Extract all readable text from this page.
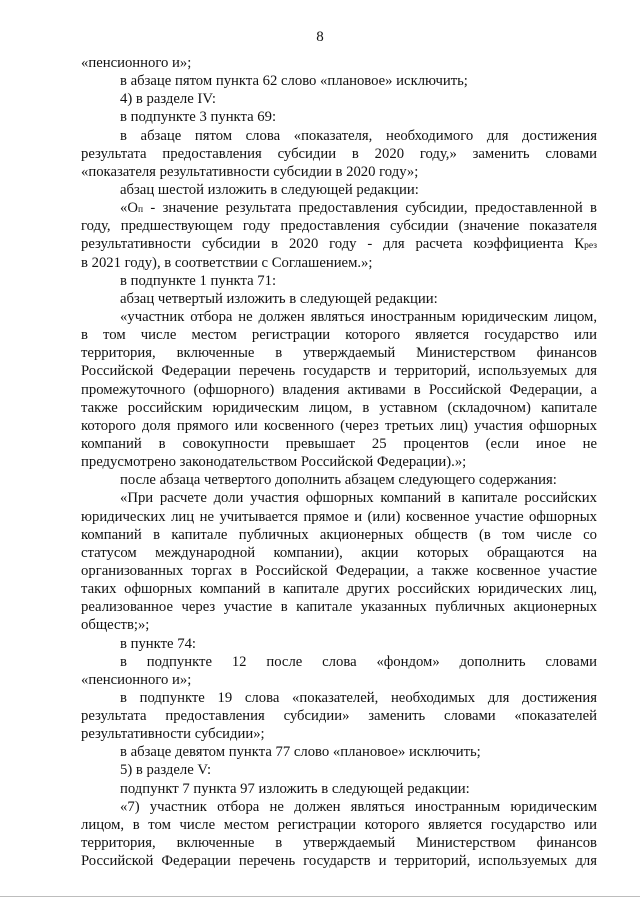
8
«пенсионного и»;
в абзаце пятом пункта 62 слово «плановое» исключить;
4) в разделе IV:
в подпункте 3 пункта 69:
в абзаце пятом слова «показателя, необходимого для достижения
результата предоставления субсидии в 2020 году,» заменить словами
«показателя результативности субсидии в 2020 году»;
абзац шестой изложить в следующей редакции:
«Оп - значение результата предоставления субсидии, предоставленной в
году, предшествующем году предоставления субсидии (значение показателя
результативности субсидии в 2020 году - для расчета коэффициента Крез
в 2021 году), в соответствии с Соглашением.»;
в подпункте 1 пункта 71:
абзац четвертый изложить в следующей редакции:
«участник отбора не должен являться иностранным юридическим лицом,
в том числе местом регистрации которого является государство или
территория, включенные в утверждаемый Министерством финансов
Российской Федерации перечень государств и территорий, используемых для
промежуточного (офшорного) владения активами в Российской Федерации, а
также российским юридическим лицом, в уставном (складочном) капитале
которого доля прямого или косвенного (через третьих лиц) участия офшорных
компаний в совокупности превышает 25 процентов (если иное не
предусмотрено законодательством Российской Федерации).»;
после абзаца четвертого дополнить абзацем следующего содержания:
«При расчете доли участия офшорных компаний в капитале российских
юридических лиц не учитывается прямое и (или) косвенное участие офшорных
компаний в капитале публичных акционерных обществ (в том числе со
статусом международной компании), акции которых обращаются на
организованных торгах в Российской Федерации, а также косвенное участие
таких офшорных компаний в капитале других российских юридических лиц,
реализованное через участие в капитале указанных публичных акционерных
обществ;»;
в пункте 74:
в подпункте 12 после слова «фондом» дополнить словами
«пенсионного и»;
в подпункте 19 слова «показателей, необходимых для достижения
результата предоставления субсидии» заменить словами «показателей
результативности субсидии»;
в абзаце девятом пункта 77 слово «плановое» исключить;
5) в разделе V:
подпункт 7 пункта 97 изложить в следующей редакции:
«7) участник отбора не должен являться иностранным юридическим
лицом, в том числе местом регистрации которого является государство или
территория, включенные в утверждаемый Министерством финансов
Российской Федерации перечень государств и территорий, используемых для
